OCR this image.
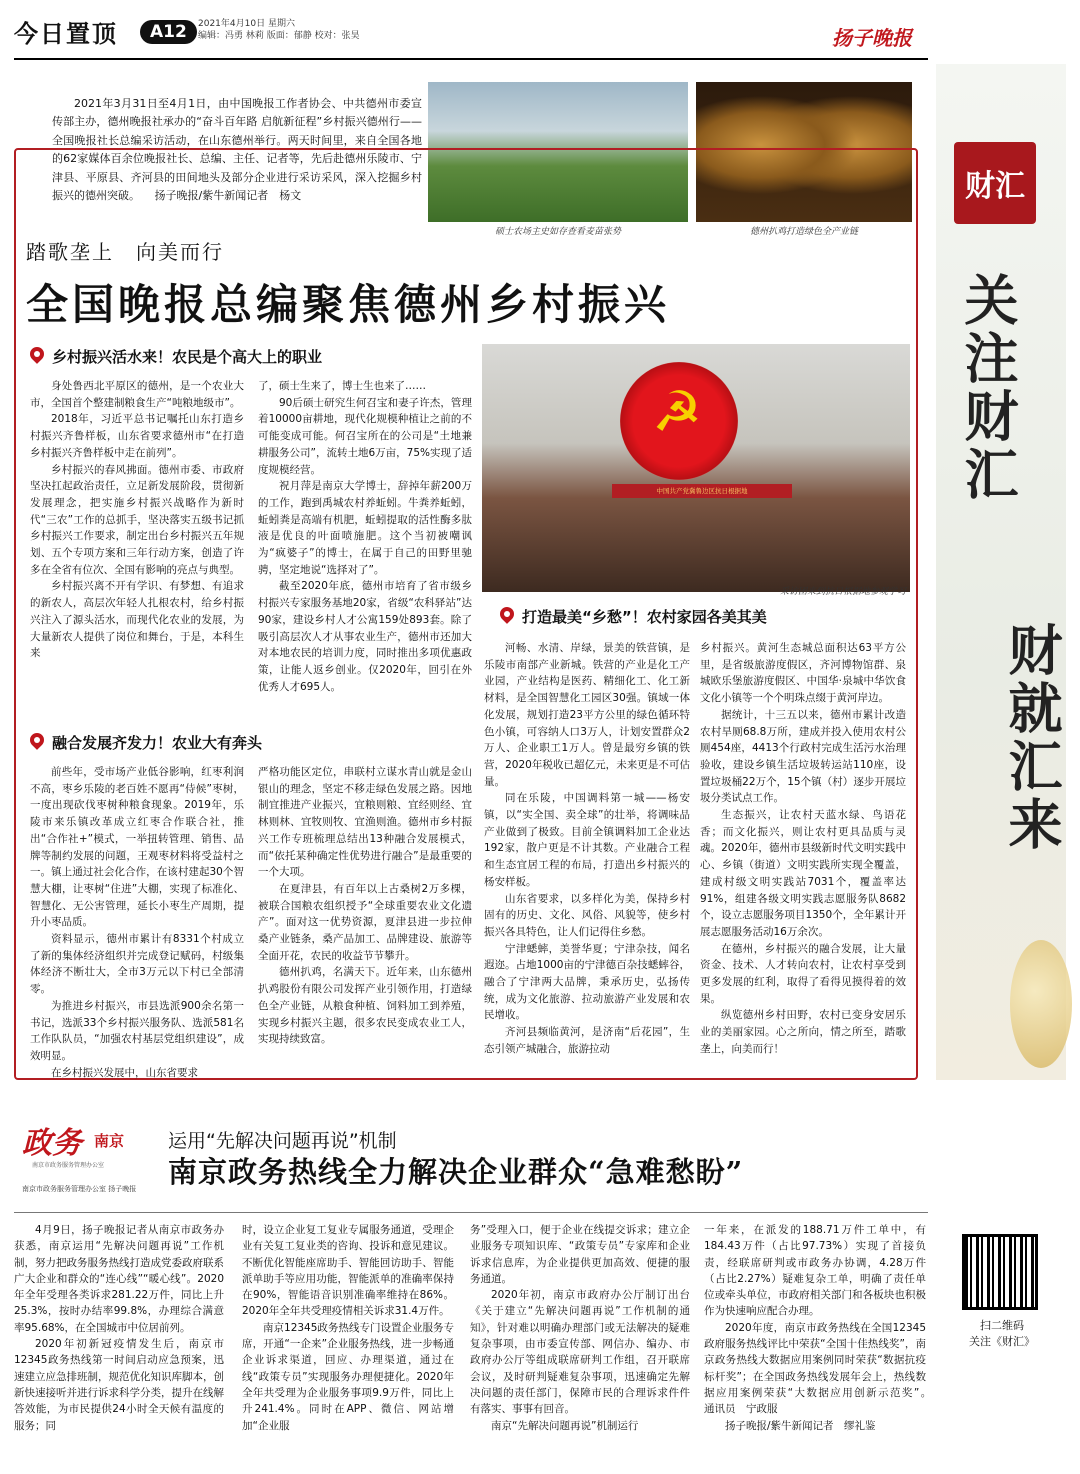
今日置顶	A12	2021年4月10日 星期六
编辑：冯勇 林莉 版面：郁静 校对：张昊	扬子晚报
财汇
关注财汇
财就汇来
2021年3月31日至4月1日，由中国晚报工作者协会、中共德州市委宣传部主办，德州晚报社承办的“奋斗百年路 启航新征程”乡村振兴德州行——全国晚报社长总编采访活动，在山东德州举行。两天时间里，来自全国各地的62家媒体百余位晚报社长、总编、主任、记者等，先后赴德州乐陵市、宁津县、平原县、齐河县的田间地头及部分企业进行采访采风，深入挖掘乡村振兴的德州突破。 扬子晚报/紫牛新闻记者　杨文
硕士农场主史如存查看麦苗张势	德州扒鸡打造绿色全产业链
踏歌垄上　向美而行
全国晚报总编聚焦德州乡村振兴
乡村振兴活水来！农民是个高大上的职业
融合发展齐发力！农业大有奔头
打造最美“乡愁”！农村家园各美其美
☭
中国共产党冀鲁边区抗日根据地
采访团来到抗日根据地参观学习

身处鲁西北平原区的德州，是一个农业大市，全国首个整建制粮食生产“吨粮地级市”。

2018年，习近平总书记嘱托山东打造乡村振兴齐鲁样板，山东省要求德州市“在打造乡村振兴齐鲁样板中走在前列”。

乡村振兴的春风拂面。德州市委、市政府坚决扛起政治责任，立足新发展阶段，贯彻新发展理念，把实施乡村振兴战略作为新时代“三农”工作的总抓手，坚决落实五级书记抓乡村振兴工作要求，制定出台乡村振兴五年规划、五个专项方案和三年行动方案，创造了许多在全省有位次、全国有影响的亮点与典型。

乡村振兴离不开有学识、有梦想、有追求的新农人，高层次年轻人扎根农村，给乡村振兴注入了源头活水，而现代化农业的发展，为大量新农人提供了岗位和舞台，于是，本科生来

了，硕士生来了，博士生也来了……

90后硕士研究生何召宝和妻子许杰，管理着10000亩耕地，现代化规模种植让之前的不可能变成可能。何召宝所在的公司是“土地兼耕服务公司”，流转土地6万亩，75%实现了适度规模经营。

祝月萍是南京大学博士，辞掉年薪200万的工作，跑到禹城农村养蚯蚓。牛粪养蚯蚓，蚯蚓粪是高端有机肥，蚯蚓提取的活性酶多肽液是优良的叶面喷施肥。这个当初被嘲讽为“疯婆子”的博士，在属于自己的田野里驰骋，坚定地说“选择对了”。

截至2020年底，德州市培育了省市级乡村振兴专家服务基地20家，省级“农科驿站”达90家，建设乡村人才公寓159处893套。除了吸引高层次人才从事农业生产，德州市还加大对本地农民的培训力度，同时推出多项优惠政策，让能人返乡创业。仅2020年，回引在外优秀人才695人。

前些年，受市场产业低谷影响，红枣利润不高，枣乡乐陵的老百姓不愿再“侍候”枣树，一度出现砍伐枣树种粮食现象。2019年，乐陵市来乐镇改革成立红枣合作联合社，推出“合作社+”模式，一举扭转管理、销售、品牌等制约发展的问题，王观枣材料将受益村之一。镇上通过社会化合作，在该村建起30个智慧大棚，让枣树“住进”大棚，实现了标准化、智慧化、无公害管理，延长小枣生产周期，提升小枣品质。

资料显示，德州市累计有8331个村成立了新的集体经济组织并完成登记赋码，村级集体经济不断壮大，全市3万元以下村已全部清零。

为推进乡村振兴，市县选派900余名第一书记，选派33个乡村振兴服务队、选派581名工作队队员，“加强农村基层党组织建设”，成效明显。

在乡村振兴发展中，山东省要求

严格功能区定位，串联村立谋水青山就是金山银山的理念，坚定不移走绿色发展之路。因地制宜推进产业振兴，宜粮则粮、宜经则经、宜林则林、宜牧则牧、宜渔则渔。德州市乡村振兴工作专班梳理总结出13种融合发展模式，而“依托某种确定性优势进行融合”是最重要的一个大项。

在夏津县，有百年以上古桑树2万多棵，被联合国粮农组织授予“全球重要农业文化遗产”。面对这一优势资源，夏津县进一步拉伸桑产业链条，桑产品加工、品牌建设、旅游等全面开花，农民的收益节节攀升。

德州扒鸡，名满天下。近年来，山东德州扒鸡股份有限公司发挥产业引领作用，打造绿色全产业链，从粮食种植、饲料加工到养殖，实现乡村振兴主题，很多农民变成农业工人，实现持续致富。

河畅、水清、岸绿，景美的铁营镇，是乐陵市南部产业新城。铁营的产业是化工产业园，产业结构是医药、精细化工、化工新材料，是全国智慧化工园区30强。镇域一体化发展，规划打造23平方公里的绿色循环特色小镇，可容纳人口3万人，计划安置群众2万人、企业职工1万人。曾是最穷乡镇的铁营，2020年税收已超亿元，未来更是不可估量。

同在乐陵，中国调料第一城——杨安镇，以“实全国、卖全球”的壮举，将调味品产业做到了极致。目前全镇调料加工企业达192家，散户更是不计其数。产业融合工程和生态宜居工程的布局，打造出乡村振兴的杨安样板。

山东省要求，以多样化为美，保持乡村固有的历史、文化、风俗、风貌等，使乡村振兴各具特色，让人们记得住乡愁。

宁津蟋蟀，美誉华夏；宁津杂技，闻名遐迩。占地1000亩的宁津德百杂技蟋蟀谷，融合了宁津两大品牌，秉承历史，弘扬传统，成为文化旅游、拉动旅游产业发展和农民增收。

齐河县频临黄河，是济南“后花园”，生态引领产城融合，旅游拉动

乡村振兴。黄河生态城总面积达63平方公里，是省级旅游度假区，齐河博物馆群、泉城欧乐堡旅游度假区、中国华·泉城中华饮食文化小镇等一个个明珠点缀于黄河岸边。

据统计，十三五以来，德州市累计改造农村旱厕68.8万所，建成并投入使用农村公厕454座，4413个行政村完成生活污水治理验收，建设乡镇生活垃圾转运站110座，设置垃圾桶22万个，15个镇（村）逐步开展垃圾分类试点工作。

生态振兴，让农村天蓝水绿、鸟语花香；而文化振兴，则让农村更具品质与灵魂。2020年，德州市县级新时代文明实践中心、乡镇（街道）文明实践所实现全覆盖，建成村级文明实践站7031个，覆盖率达91%，组建各级文明实践志愿服务队8682个，设立志愿服务项目1350个，全年累计开展志愿服务活动16万余次。

在德州，乡村振兴的融合发展，让大量资金、技术、人才转向农村，让农村享受到更多发展的红利，取得了看得见摸得着的效果。

纵览德州乡村田野，农村已变身安居乐业的美丽家园。心之所向，情之所至，踏歌垄上，向美而行！

政务 南京
南京市政务服务管理办公室
南京市政务服务管理办公室 扬子晚报
运用“先解决问题再说”机制
南京政务热线全力解决企业群众“急难愁盼”

4月9日，扬子晚报记者从南京市政务办获悉，南京运用“先解决问题再说”工作机制，努力把政务服务热线打造成党委政府联系广大企业和群众的“连心线”“暖心线”。2020年全年受理各类诉求281.22万件，同比上升25.3%，按时办结率99.8%，办理综合满意率95.68%，在全国城市中位居前列。

2020年初新冠疫情发生后，南京市12345政务热线第一时间启动应急预案，迅速建立应急排班制，规范优化知识库脚本，创新快速接听并进行诉求科学分类，提升在线解答效能，为市民提供24小时全天候有温度的服务；同

时，设立企业复工复业专属服务通道，受理企业有关复工复业类的咨询、投诉和意见建议。不断优化智能座席助手、智能回访助手、智能派单助手等应用功能，智能派单的准确率保持在90%，智能语音识别准确率维持在86%。2020年全年共受理疫情相关诉求31.4万件。

南京12345政务热线专门设置企业服务专席，开通“一企来”企业服务热线，进一步畅通企业诉求渠道，回应、办理渠道，通过在线“政策专员”实现服务办理便捷化。2020年全年共受理为企业服务事项9.9万件，同比上升241.4%。同时在APP、微信、网站增加“企业服

务”受理入口，便于企业在线提交诉求；建立企业服务专项知识库、“政策专员”专家库和企业诉求信息库，为企业提供更加高效、便捷的服务通道。

2020年初，南京市政府办公厅制订出台《关于建立“先解决问题再说”工作机制的通知》，针对难以明确办理部门或无法解决的疑难复杂事项，由市委宣传部、网信办、编办、市政府办公厅等组成联席研判工作组，召开联席会议，及时研判疑难复杂事项，迅速确定先解决问题的责任部门，保障市民的合理诉求件件有落实、事事有回音。

南京“先解决问题再说”机制运行

一年来，在派发的188.71万件工单中，有184.43万件（占比97.73%）实现了首接负责，经联席研判或市政务办协调，4.28万件（占比2.27%）疑难复杂工单，明确了责任单位或牵头单位，市政府相关部门和各板块也积极作为快速响应配合办理。

2020年度，南京市政务热线在全国12345政府服务热线评比中荣获“全国十佳热线奖”，南京政务热线大数据应用案例同时荣获“数据抗疫标杆奖”；在全国政务热线发展年会上，热线数据应用案例荣获“大数据应用创新示范奖”。　　　　通讯员　宁政服

扬子晚报/紫牛新闻记者　缪礼鉴

扫二维码
关注《财汇》
